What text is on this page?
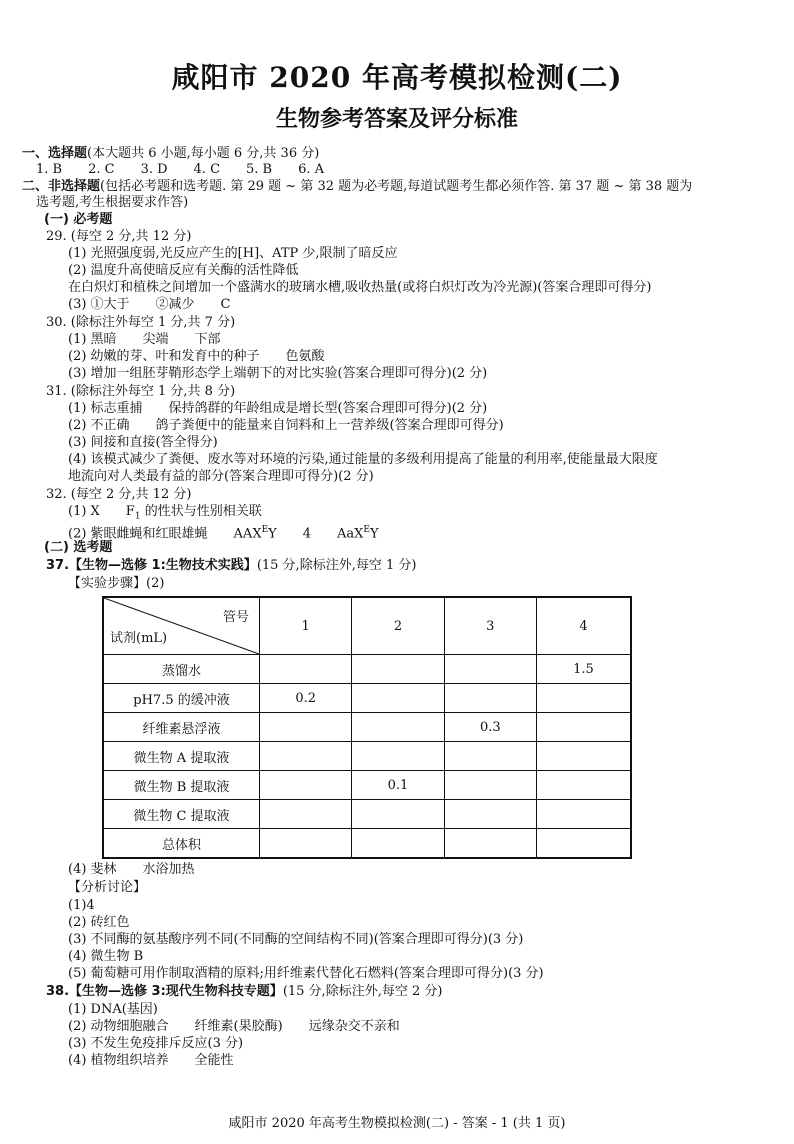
咸阳市 2020 年高考模拟检测(二)
生物参考答案及评分标准
一、选择题(本大题共 6 小题,每小题 6 分,共 36 分)
1. B　　2. C　　3. D　　4. C　　5. B　　6. A
二、非选择题(包括必考题和选考题. 第 29 题 ~ 第 32 题为必考题,每道试题考生都必须作答. 第 37 题 ~ 第 38 题为
选考题,考生根据要求作答)
(一) 必考题
29. (每空 2 分,共 12 分)
(1) 光照强度弱,光反应产生的[H]、ATP 少,限制了暗反应
(2) 温度升高使暗反应有关酶的活性降低
在白炽灯和植株之间增加一个盛满水的玻璃水槽,吸收热量(或将白炽灯改为冷光源)(答案合理即可得分)
(3) ①大于　　②减少　　C
30. (除标注外每空 1 分,共 7 分)
(1) 黑暗　　尖端　　下部
(2) 幼嫩的芽、叶和发育中的种子　　色氨酸
(3) 增加一组胚芽鞘形态学上端朝下的对比实验(答案合理即可得分)(2 分)
31. (除标注外每空 1 分,共 8 分)
(1) 标志重捕　　保持鸽群的年龄组成是增长型(答案合理即可得分)(2 分)
(2) 不正确　　鸽子粪便中的能量来自饲料和上一营养级(答案合理即可得分)
(3) 间接和直接(答全得分)
(4) 该模式减少了粪便、废水等对环境的污染,通过能量的多级利用提高了能量的利用率,使能量最大限度
地流向对人类最有益的部分(答案合理即可得分)(2 分)
32. (每空 2 分,共 12 分)
(1) X　　$F_1$ 的性状与性别相关联
(2) 紫眼雌蝇和红眼雄蝇　　$AAX^EY$　　4　　AaX$^E$Y
(二) 选考题
37.【生物—选修 1:生物技术实践】(15 分,除标注外,每空 1 分)
【实验步骤】(2)
管号
试剂(mL)	1	2	3	4
蒸馏水				1.5
pH7.5 的缓冲液	0.2			
纤维素悬浮液			0.3	
微生物 A 提取液				
微生物 B 提取液		0.1		
微生物 C 提取液				
总体积				
(4) 斐林　　水浴加热
【分析讨论】
(1)4
(2) 砖红色
(3) 不同酶的氨基酸序列不同(不同酶的空间结构不同)(答案合理即可得分)(3 分)
(4) 微生物 B
(5) 葡萄糖可用作制取酒精的原料;用纤维素代替化石燃料(答案合理即可得分)(3 分)
38.【生物—选修 3:现代生物科技专题】(15 分,除标注外,每空 2 分)
(1) DNA(基因)
(2) 动物细胞融合　　纤维素(果胶酶)　　远缘杂交不亲和
(3) 不发生免疫排斥反应(3 分)
(4) 植物组织培养　　全能性
咸阳市 2020 年高考生物模拟检测(二) - 答案 - 1 (共 1 页)
